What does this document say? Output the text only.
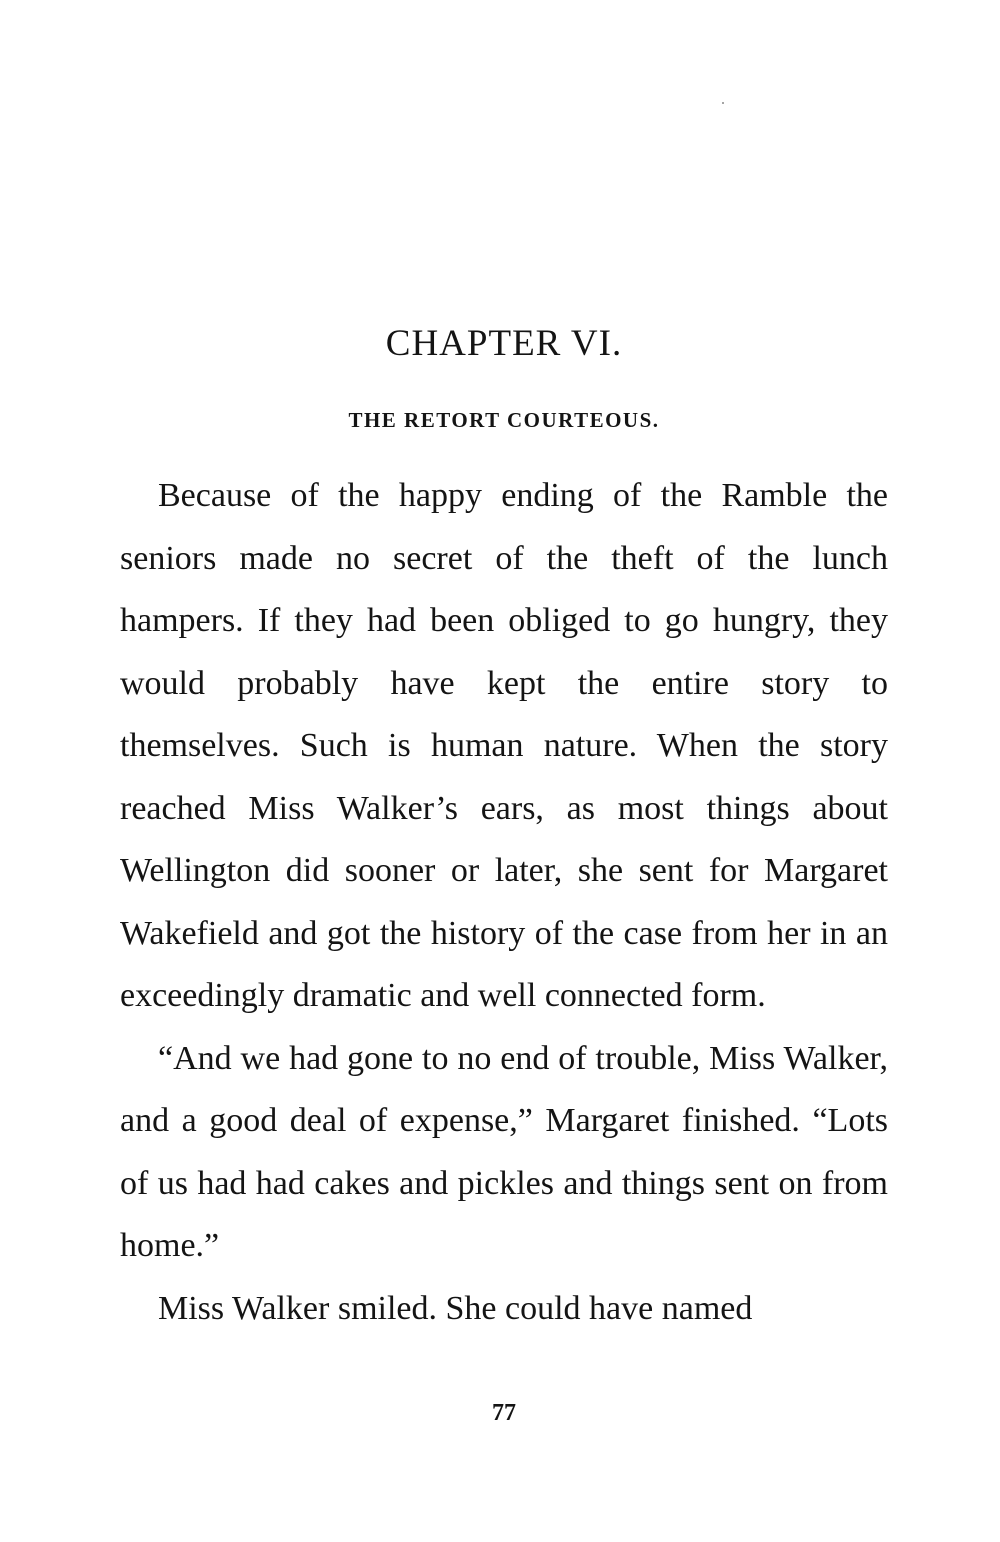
CHAPTER VI.
THE RETORT COURTEOUS.

Because of the happy ending of the Ramble the seniors made no secret of the theft of the lunch hampers. If they had been obliged to go hungry, they would probably have kept the entire story to themselves. Such is human nature. When the story reached Miss Walker’s ears, as most things about Wellington did sooner or later, she sent for Margaret Wakefield and got the history of the case from her in an exceedingly dramatic and well connected form.

“And we had gone to no end of trouble, Miss Walker, and a good deal of expense,” Margaret finished. “Lots of us had had cakes and pickles and things sent on from home.”

Miss Walker smiled. She could have named

77
